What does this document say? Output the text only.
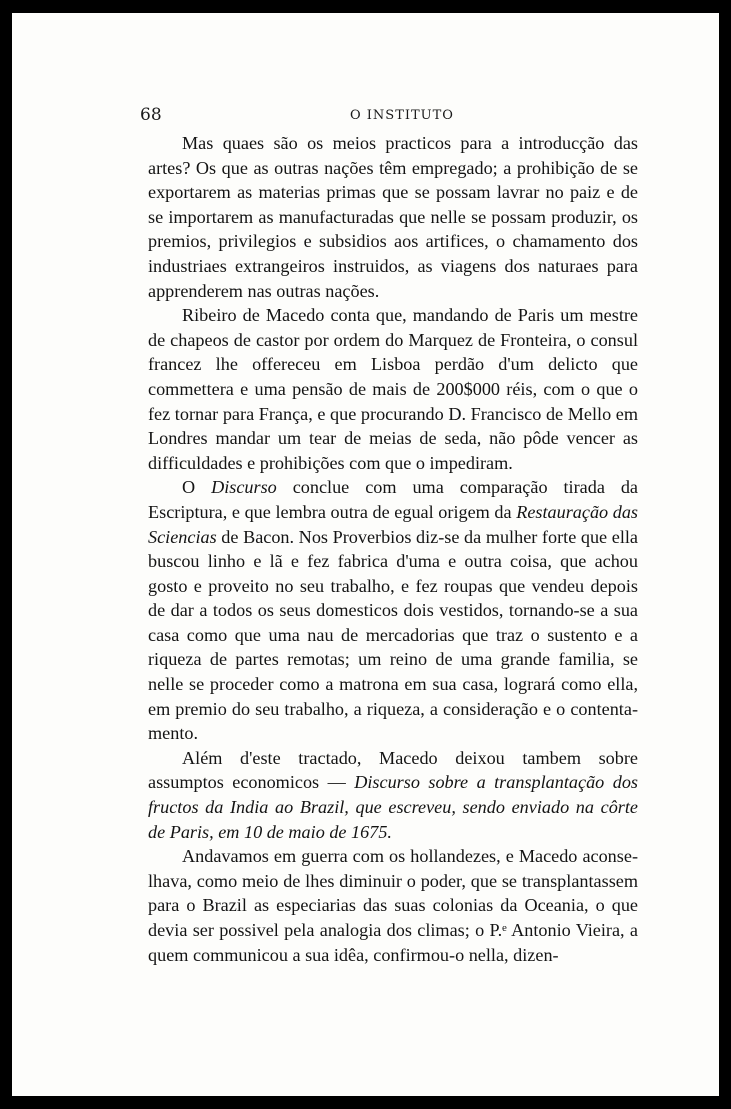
68	O INSTITUTO

Mas quaes são os meios practicos para a introducção das artes? Os que as outras nações têm empregado; a prohibição de se exportarem as materias primas que se possam lavrar no paiz e de se importarem as manufacturadas que nelle se possam produzir, os premios, privilegios e subsidios aos artifices, o chamamento dos industriaes extrangeiros instruidos, as viagens dos naturaes para apprenderem nas outras nações.

Ribeiro de Macedo conta que, mandando de Paris um mestre de chapeos de castor por ordem do Marquez de Fronteira, o consul francez lhe offereceu em Lisboa perdão d'um delicto que commettera e uma pensão de mais de 200$000 réis, com o que o fez tornar para França, e que procurando D. Francisco de Mello em Londres mandar um tear de meias de seda, não pôde vencer as difficuldades e prohibições com que o impediram.

O Discurso conclue com uma comparação tirada da Escriptura, e que lembra outra de egual origem da Restauração das Sciencias de Bacon. Nos Proverbios diz-se da mulher forte que ella buscou linho e lã e fez fabrica d'uma e outra coisa, que achou gosto e proveito no seu trabalho, e fez roupas que vendeu depois de dar a todos os seus domesticos dois vestidos, tornando-se a sua casa como que uma nau de mercadorias que traz o sustento e a riqueza de partes remotas; um reino de uma grande familia, se nelle se proceder como a matrona em sua casa, logrará como ella, em premio do seu trabalho, a riqueza, a consideração e o contentamento.

Além d'este tractado, Macedo deixou tambem sobre assumptos economicos — Discurso sobre a transplantação dos fructos da India ao Brazil, que escreveu, sendo enviado na côrte de Paris, em 10 de maio de 1675.

Andavamos em guerra com os hollandezes, e Macedo aconselhava, como meio de lhes diminuir o poder, que se transplantassem para o Brazil as especiarias das suas colonias da Oceania, o que devia ser possivel pela analogia dos climas; o P.ᵉ Antonio Vieira, a quem communicou a sua idêa, confirmou-o nella, dizen-
